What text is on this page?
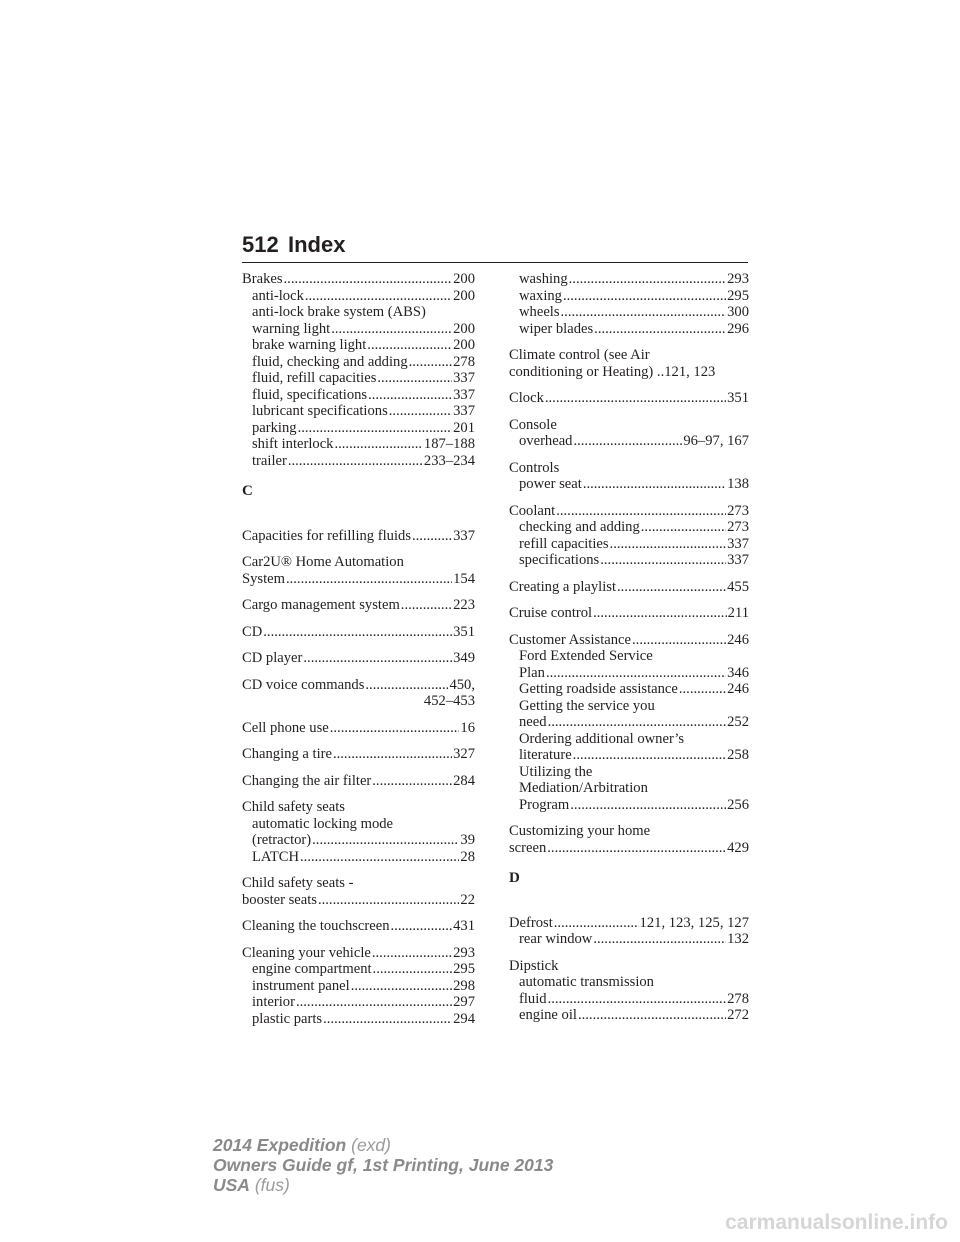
512 Index
Brakes .....	200
anti-lock .....	200
anti-lock brake system (ABS)
warning light .....	200
brake warning light .....	200
fluid, checking and adding .....	278
fluid, refill capacities .....	337
fluid, specifications .....	337
lubricant specifications .....	337
parking .....	201
shift interlock .....	187–188
trailer .....	233–234
C
Capacities for refilling fluids .....	337
Car2U® Home Automation
System .....	154
Cargo management system .....	223
CD .....	351
CD player .....	349
CD voice commands .....	450,
452–453
Cell phone use .....	16
Changing a tire .....	327
Changing the air filter .....	284
Child safety seats
automatic locking mode
(retractor) .....	39
LATCH .....	28
Child safety seats -
booster seats .....	22
Cleaning the touchscreen .....	431
Cleaning your vehicle .....	293
engine compartment .....	295
instrument panel .....	298
interior .....	297
plastic parts .....	294
washing .....	293
waxing .....	295
wheels .....	300
wiper blades .....	296
Climate control (see Air
conditioning or Heating) ..121, 123
Clock .....	351
Console
overhead .....	96–97, 167
Controls
power seat .....	138
Coolant .....	273
checking and adding .....	273
refill capacities .....	337
specifications .....	337
Creating a playlist .....	455
Cruise control .....	211
Customer Assistance .....	246
Ford Extended Service
Plan .....	346
Getting roadside assistance .....	246
Getting the service you
need .....	252
Ordering additional owner’s
literature .....	258
Utilizing the
Mediation/Arbitration
Program .....	256
Customizing your home
screen .....	429
D
Defrost .....	121, 123, 125, 127
rear window .....	132
Dipstick
automatic transmission
fluid .....	278
engine oil .....	272
2014 Expedition (exd)
Owners Guide gf, 1st Printing, June 2013
USA (fus)
carmanualsonline.info
